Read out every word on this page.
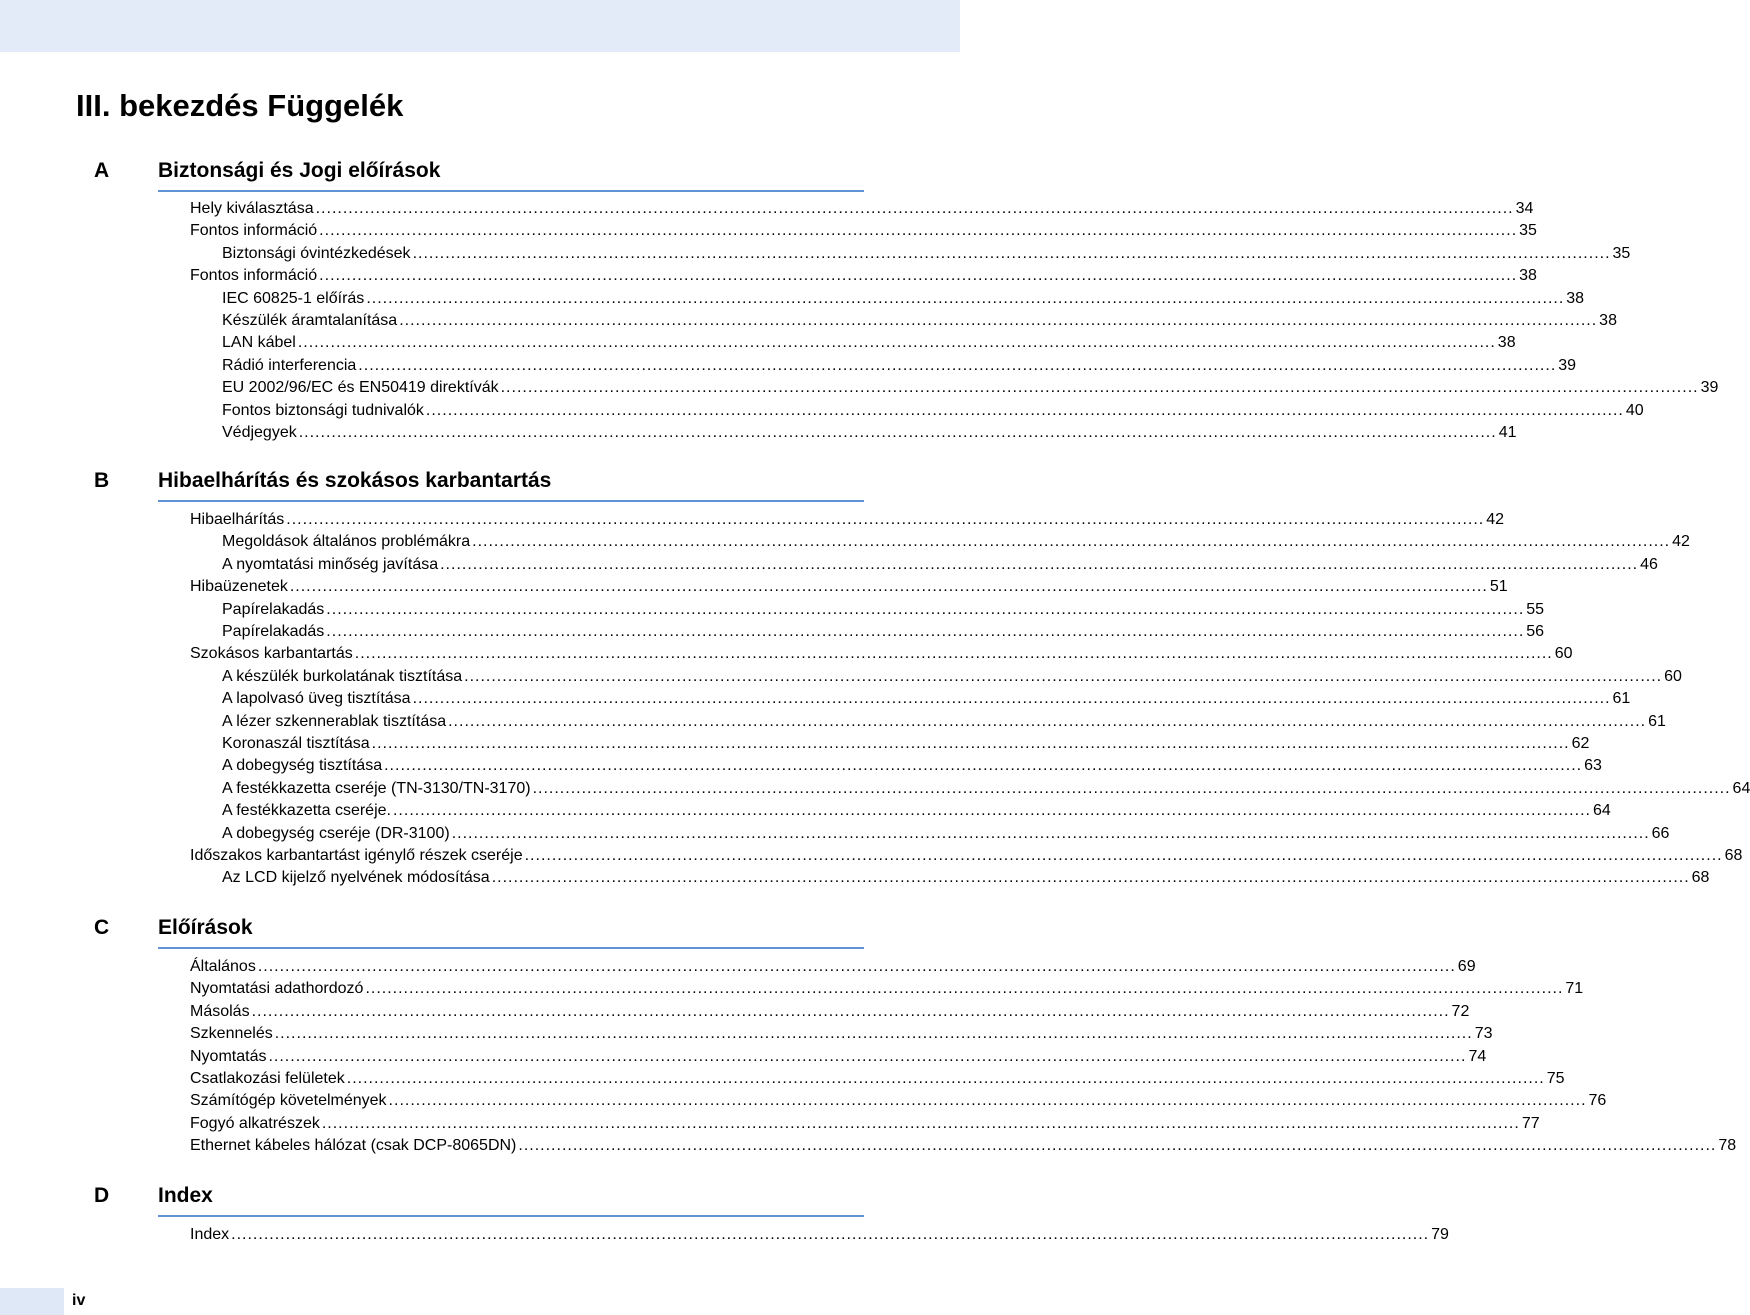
III. bekezdés Függelék
A Biztonsági és Jogi előírások
B Hibaelhárítás és szokásos karbantartás
C Előírások
D Index
Hely kiválasztása ............................................................................................................................................................................................................................ 34
Fontos információ ............................................................................................................................................................................................................................ 35
Biztonsági óvintézkedések ............................................................................................................................................................................................................................ 35
Fontos információ ............................................................................................................................................................................................................................ 38
IEC 60825-1 előírás ............................................................................................................................................................................................................................ 38
Készülék áramtalanítása ............................................................................................................................................................................................................................ 38
LAN kábel ............................................................................................................................................................................................................................ 38
Rádió interferencia ............................................................................................................................................................................................................................ 39
EU 2002/96/EC és EN50419 direktívák ............................................................................................................................................................................................................................ 39
Fontos biztonsági tudnivalók ............................................................................................................................................................................................................................ 40
Védjegyek ............................................................................................................................................................................................................................ 41
Hibaelhárítás ............................................................................................................................................................................................................................ 42
Megoldások általános problémákra ............................................................................................................................................................................................................................ 42
A nyomtatási minőség javítása ............................................................................................................................................................................................................................ 46
Hibaüzenetek ............................................................................................................................................................................................................................ 51
Papírelakadás ............................................................................................................................................................................................................................ 55
Papírelakadás ............................................................................................................................................................................................................................ 56
Szokásos karbantartás ............................................................................................................................................................................................................................ 60
A készülék burkolatának tisztítása ............................................................................................................................................................................................................................ 60
A lapolvasó üveg tisztítása ............................................................................................................................................................................................................................ 61
A lézer szkennerablak tisztítása ............................................................................................................................................................................................................................ 61
Koronaszál tisztítása ............................................................................................................................................................................................................................ 62
A dobegység tisztítása ............................................................................................................................................................................................................................ 63
A festékkazetta cseréje (TN-3130/TN-3170) ............................................................................................................................................................................................................................ 64
A festékkazetta cseréje. ............................................................................................................................................................................................................................ 64
A dobegység cseréje (DR-3100) ............................................................................................................................................................................................................................ 66
Időszakos karbantartást igénylő részek cseréje ............................................................................................................................................................................................................................ 68
Az LCD kijelző nyelvének módosítása ............................................................................................................................................................................................................................ 68
Általános ............................................................................................................................................................................................................................ 69
Nyomtatási adathordozó ............................................................................................................................................................................................................................ 71
Másolás ............................................................................................................................................................................................................................ 72
Szkennelés ............................................................................................................................................................................................................................ 73
Nyomtatás ............................................................................................................................................................................................................................ 74
Csatlakozási felületek ............................................................................................................................................................................................................................ 75
Számítógép követelmények ............................................................................................................................................................................................................................ 76
Fogyó alkatrészek ............................................................................................................................................................................................................................ 77
Ethernet kábeles hálózat (csak DCP-8065DN) ............................................................................................................................................................................................................................ 78
Index ............................................................................................................................................................................................................................ 79
iv
